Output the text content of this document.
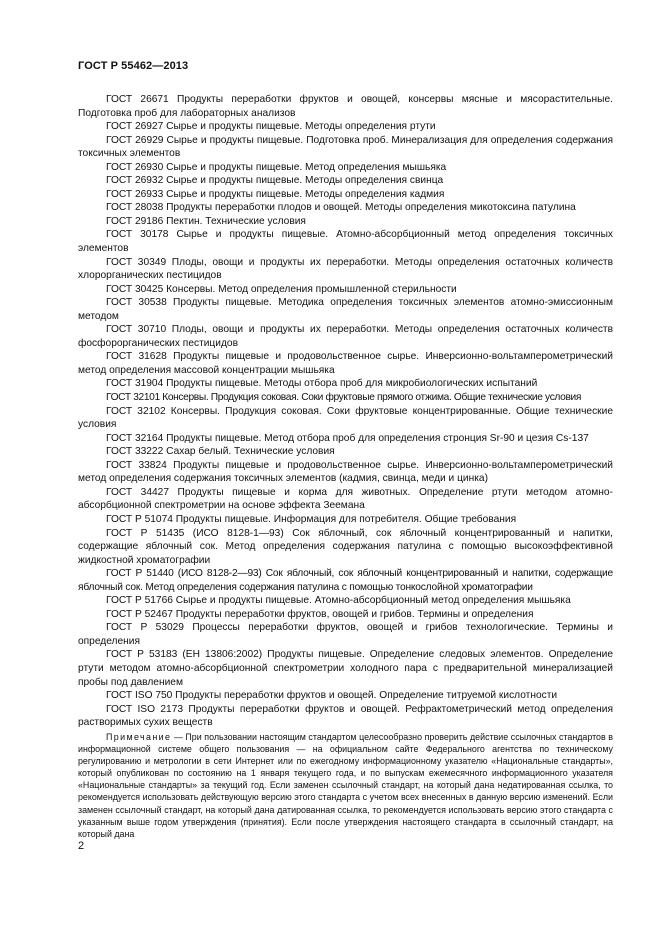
ГОСТ Р 55462—2013

ГОСТ 26671 Продукты переработки фруктов и овощей, консервы мясные и мясорастительные. Подготовка проб для лабораторных анализов

ГОСТ 26927 Сырье и продукты пищевые. Методы определения ртути

ГОСТ 26929 Сырье и продукты пищевые. Подготовка проб. Минерализация для определения содержания токсичных элементов

ГОСТ 26930 Сырье и продукты пищевые. Метод определения мышьяка

ГОСТ 26932 Сырье и продукты пищевые. Методы определения свинца

ГОСТ 26933 Сырье и продукты пищевые. Методы определения кадмия

ГОСТ 28038 Продукты переработки плодов и овощей. Методы определения микотоксина патулина

ГОСТ 29186 Пектин. Технические условия

ГОСТ 30178 Сырье и продукты пищевые. Атомно-абсорбционный метод определения токсичных элементов

ГОСТ 30349 Плоды, овощи и продукты их переработки. Методы определения остаточных количеств хлорорганических пестицидов

ГОСТ 30425 Консервы. Метод определения промышленной стерильности

ГОСТ 30538 Продукты пищевые. Методика определения токсичных элементов атомно-эмиссионным методом

ГОСТ 30710 Плоды, овощи и продукты их переработки. Методы определения остаточных количеств фосфорорганических пестицидов

ГОСТ 31628 Продукты пищевые и продовольственное сырье. Инверсионно-вольтамперометрический метод определения массовой концентрации мышьяка

ГОСТ 31904 Продукты пищевые. Методы отбора проб для микробиологических испытаний

ГОСТ 32101 Консервы. Продукция соковая. Соки фруктовые прямого отжима. Общие технические условия

ГОСТ 32102 Консервы. Продукция соковая. Соки фруктовые концентрированные. Общие технические условия

ГОСТ 32164 Продукты пищевые. Метод отбора проб для определения стронция Sr-90 и цезия Cs-137

ГОСТ 33222 Сахар белый. Технические условия

ГОСТ 33824 Продукты пищевые и продовольственное сырье. Инверсионно-вольтамперометрический метод определения содержания токсичных элементов (кадмия, свинца, меди и цинка)

ГОСТ 34427 Продукты пищевые и корма для животных. Определение ртути методом атомно-абсорбционной спектрометрии на основе эффекта Зеемана

ГОСТ Р 51074 Продукты пищевые. Информация для потребителя. Общие требования

ГОСТ Р 51435 (ИСО 8128-1—93) Сок яблочный, сок яблочный концентрированный и напитки, содержащие яблочный сок. Метод определения содержания патулина с помощью высокоэффективной жидкостной хроматографии

ГОСТ Р 51440 (ИСО 8128-2—93) Сок яблочный, сок яблочный концентрированный и напитки, содержащие яблочный сок. Метод определения содержания патулина с помощью тонкослойной хроматографии

ГОСТ Р 51766 Сырье и продукты пищевые. Атомно-абсорбционный метод определения мышьяка

ГОСТ Р 52467 Продукты переработки фруктов, овощей и грибов. Термины и определения

ГОСТ Р 53029 Процессы переработки фруктов, овощей и грибов технологические. Термины и определения

ГОСТ Р 53183 (ЕН 13806:2002) Продукты пищевые. Определение следовых элементов. Определение ртути методом атомно-абсорбционной спектрометрии холодного пара с предварительной минерализацией пробы под давлением

ГОСТ ISO 750 Продукты переработки фруктов и овощей. Определение титруемой кислотности

ГОСТ ISO 2173 Продукты переработки фруктов и овощей. Рефрактометрический метод определения растворимых сухих веществ

Примечание — При пользовании настоящим стандартом целесообразно проверить действие ссылочных стандартов в информационной системе общего пользования — на официальном сайте Федерального агентства по техническому регулированию и метрологии в сети Интернет или по ежегодному информационному указателю «Национальные стандарты», который опубликован по состоянию на 1 января текущего года, и по выпускам ежемесячного информационного указателя «Национальные стандарты» за текущий год. Если заменен ссылочный стандарт, на который дана недатированная ссылка, то рекомендуется использовать действующую версию этого стандарта с учетом всех внесенных в данную версию изменений. Если заменен ссылочный стандарт, на который дана датированная ссылка, то рекомендуется использовать версию этого стандарта с указанным выше годом утверждения (принятия). Если после утверждения настоящего стандарта в ссылочный стандарт, на который дана

2
